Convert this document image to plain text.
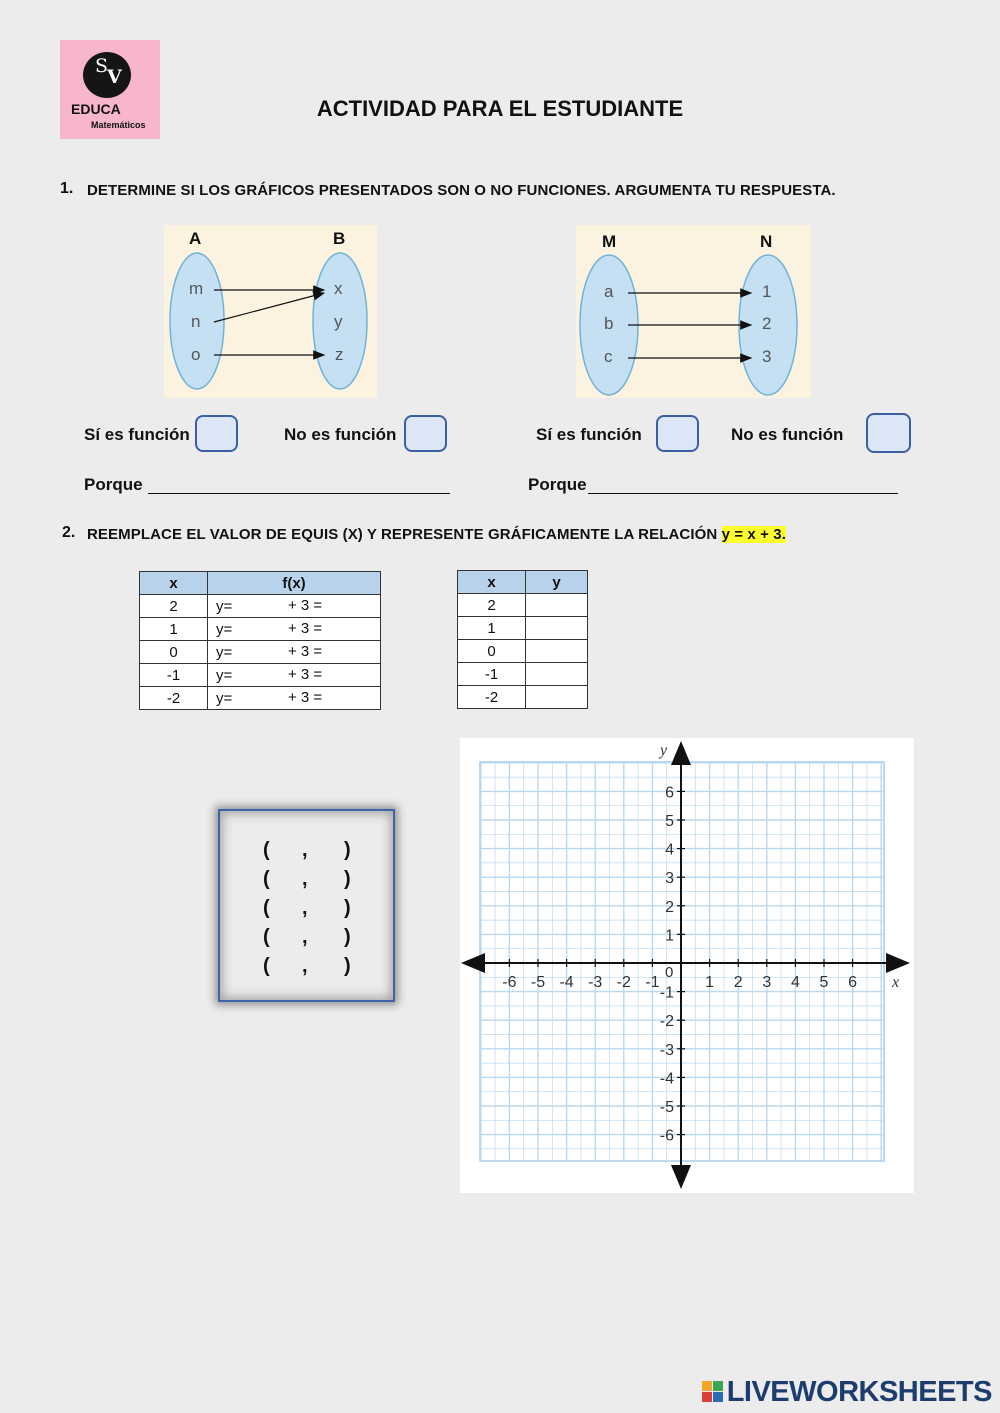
S
V
EDUCA
Matemáticos
ACTIVIDAD PARA EL ESTUDIANTE
1. DETERMINE SI LOS GRÁFICOS PRESENTADOS SON O NO FUNCIONES. ARGUMENTA TU RESPUESTA.
A	B
m
n
o
x
y
z
M	N
a
b
c
1
2
3
Sí es función	No es función	Sí es función	No es función
Porque	Porque
2. REEMPLACE EL VALOR DE EQUIS (X) Y REPRESENTE GRÁFICAMENTE LA RELACIÓN y = x + 3.
x	f(x)
2	y= + 3 =

1	y= + 3 =

0	y= + 3 =

-1	y= + 3 =

-2	y= + 3 =
x	y
2	
1	
0	
-1	
-2	
( , )
( , )
( , )
( , )
( , )
-6 -5 -4 -3 -2 -1	1 2 3 4 5 6
6
5
4
3
2
1
-1
-2
-3
-4
-5
-6
0
x
y
LIVEWORKSHEETS
